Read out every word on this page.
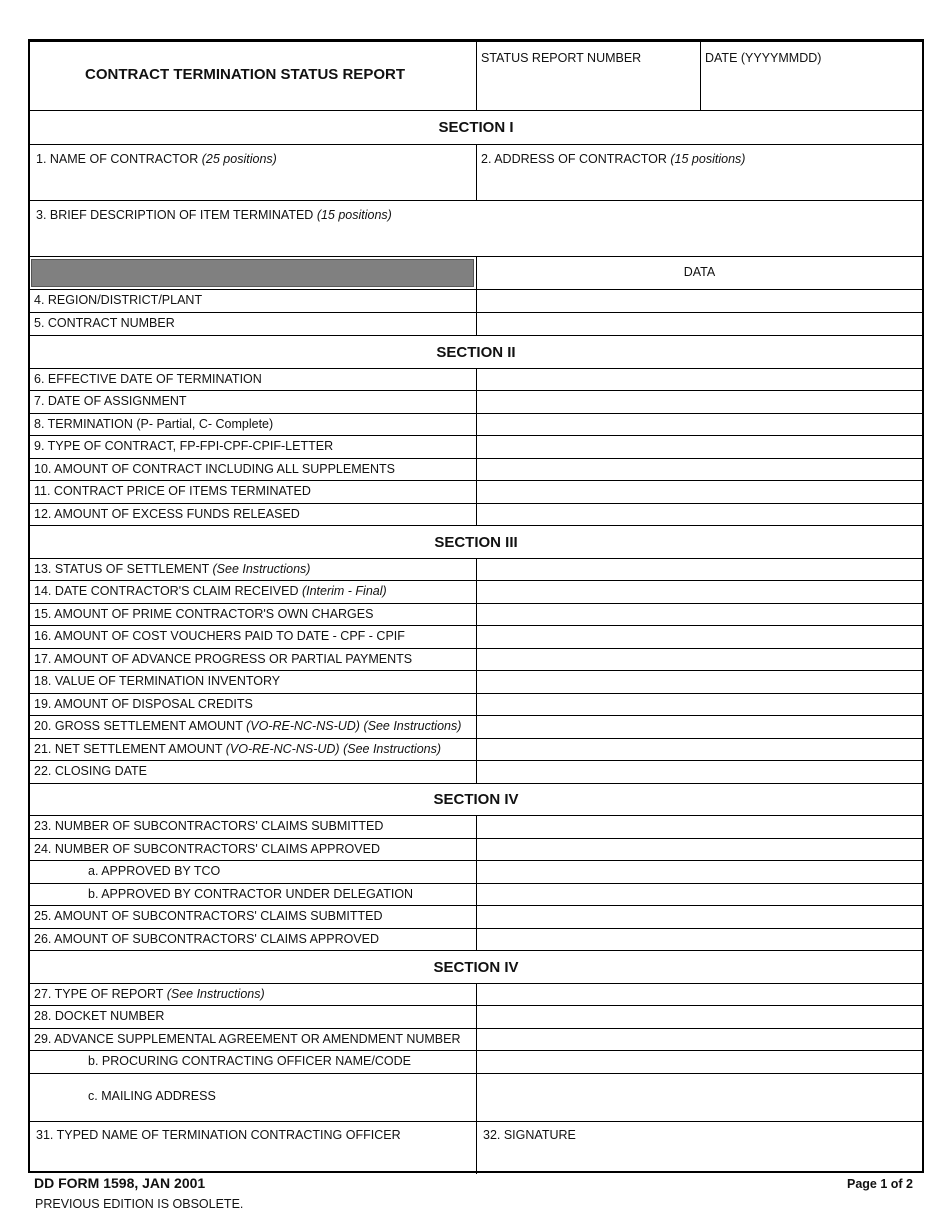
CONTRACT TERMINATION STATUS REPORT
STATUS REPORT NUMBER	DATE (YYYYMMDD)
SECTION I
1. NAME OF CONTRACTOR (25 positions)	2. ADDRESS OF CONTRACTOR (15 positions)
3. BRIEF DESCRIPTION OF ITEM TERMINATED (15 positions)
DATA
4. REGION/DISTRICT/PLANT
5. CONTRACT NUMBER
SECTION II
6. EFFECTIVE DATE OF TERMINATION
7. DATE OF ASSIGNMENT
8. TERMINATION (P- Partial, C- Complete)
9. TYPE OF CONTRACT, FP-FPI-CPF-CPIF-LETTER
10. AMOUNT OF CONTRACT INCLUDING ALL SUPPLEMENTS
11. CONTRACT PRICE OF ITEMS TERMINATED
12. AMOUNT OF EXCESS FUNDS RELEASED
SECTION III
13. STATUS OF SETTLEMENT (See Instructions)
14. DATE CONTRACTOR'S CLAIM RECEIVED (Interim - Final)
15. AMOUNT OF PRIME CONTRACTOR'S OWN CHARGES
16. AMOUNT OF COST VOUCHERS PAID TO DATE - CPF - CPIF
17. AMOUNT OF ADVANCE PROGRESS OR PARTIAL PAYMENTS
18. VALUE OF TERMINATION INVENTORY
19. AMOUNT OF DISPOSAL CREDITS
20. GROSS SETTLEMENT AMOUNT (VO-RE-NC-NS-UD) (See Instructions)
21. NET SETTLEMENT AMOUNT (VO-RE-NC-NS-UD) (See Instructions)
22. CLOSING DATE
SECTION IV
23. NUMBER OF SUBCONTRACTORS' CLAIMS SUBMITTED
24. NUMBER OF SUBCONTRACTORS' CLAIMS APPROVED
a. APPROVED BY TCO
b. APPROVED BY CONTRACTOR UNDER DELEGATION
25. AMOUNT OF SUBCONTRACTORS' CLAIMS SUBMITTED
26. AMOUNT OF SUBCONTRACTORS' CLAIMS APPROVED
SECTION IV
27. TYPE OF REPORT (See Instructions)
28. DOCKET NUMBER
29. ADVANCE SUPPLEMENTAL AGREEMENT OR AMENDMENT NUMBER
b. PROCURING CONTRACTING OFFICER NAME/CODE
c. MAILING ADDRESS
31. TYPED NAME OF TERMINATION CONTRACTING OFFICER	32. SIGNATURE
DD FORM 1598, JAN 2001	Page 1 of 2
PREVIOUS EDITION IS OBSOLETE.
